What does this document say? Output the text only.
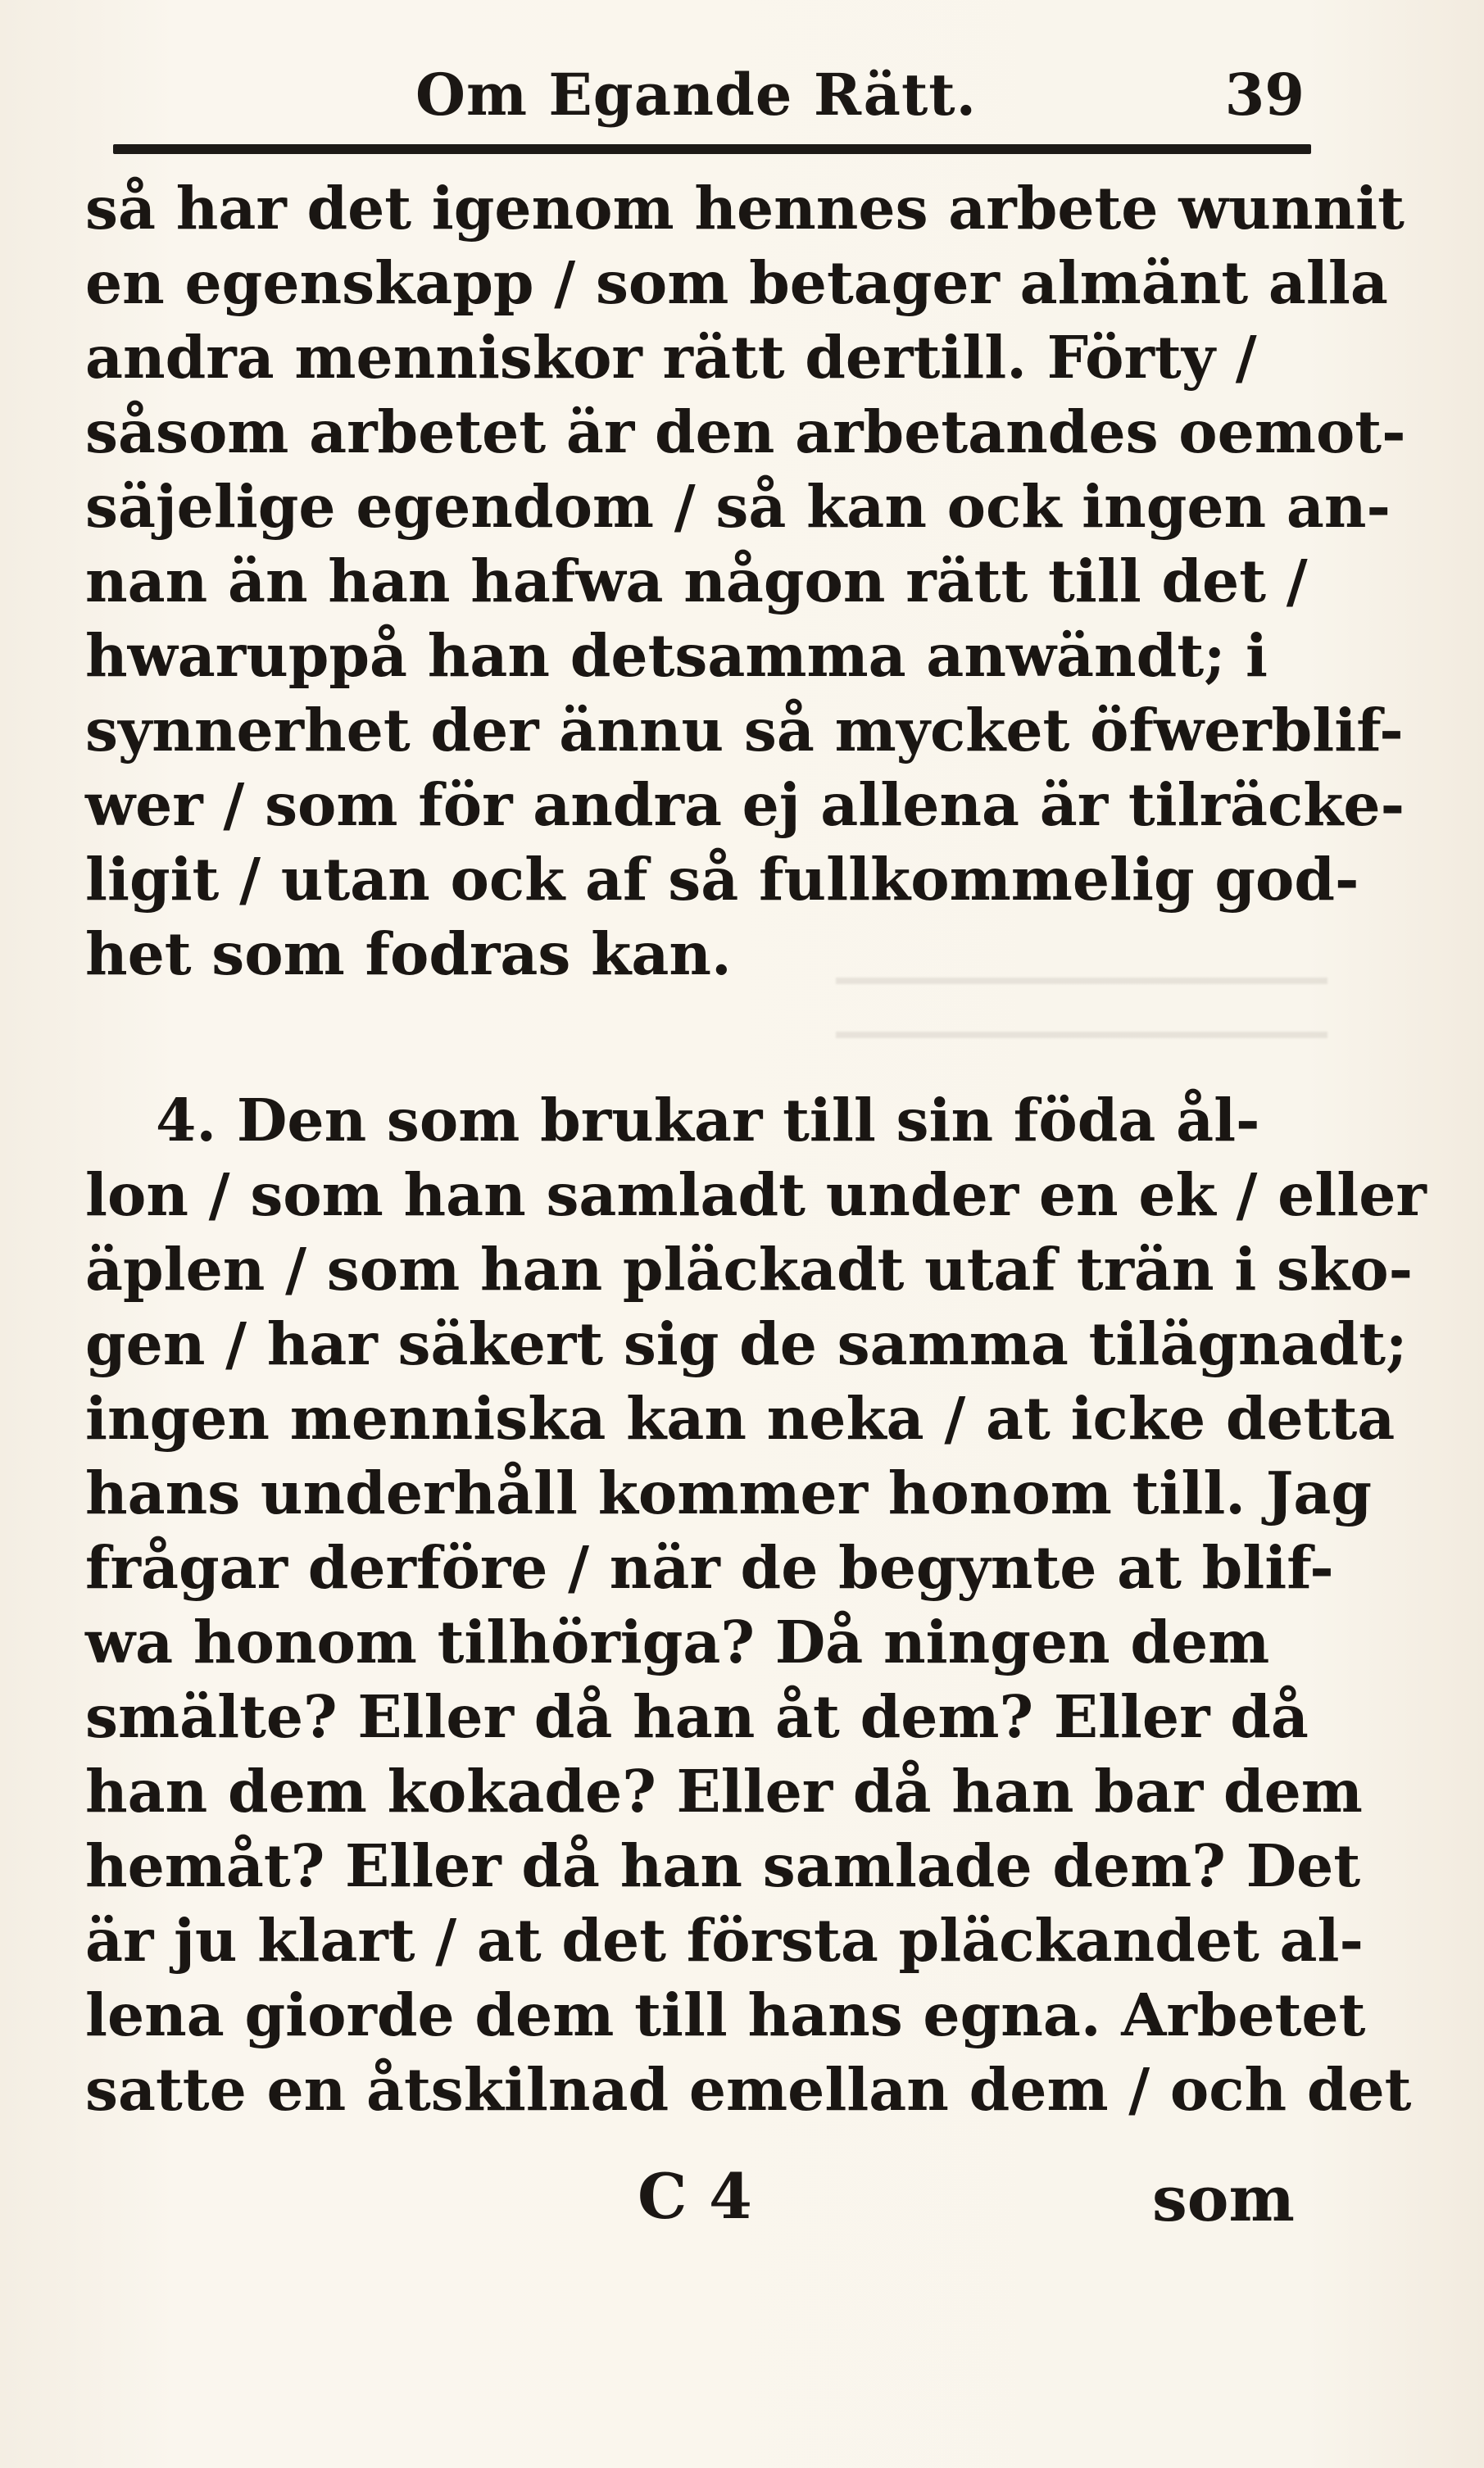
Om Egande Rätt.	39
så har det igenom hennes arbete wunnit
en egenskapp / som betager almänt alla
andra menniskor rätt dertill. Förty /
såsom arbetet är den arbetandes oemot-
säjelige egendom / så kan ock ingen an-
nan än han hafwa någon rätt till det /
hwaruppå han detsamma anwändt; i
synnerhet der ännu så mycket öfwerblif-
wer / som för andra ej allena är tilräcke-
ligit / utan ock af så fullkommelig god-
het som fodras kan.
4. Den som brukar till sin föda ål-
lon / som han samladt under en ek / eller
äplen / som han pläckadt utaf trän i sko-
gen / har säkert sig de samma tilägnadt;
ingen menniska kan neka / at icke detta
hans underhåll kommer honom till. Jag
frågar derföre / när de begynte at blif-
wa honom tilhöriga? Då ningen dem
smälte? Eller då han åt dem? Eller då
han dem kokade? Eller då han bar dem
hemåt? Eller då han samlade dem? Det
är ju klart / at det första pläckandet al-
lena giorde dem till hans egna. Arbetet
satte en åtskilnad emellan dem / och det
C 4	som
